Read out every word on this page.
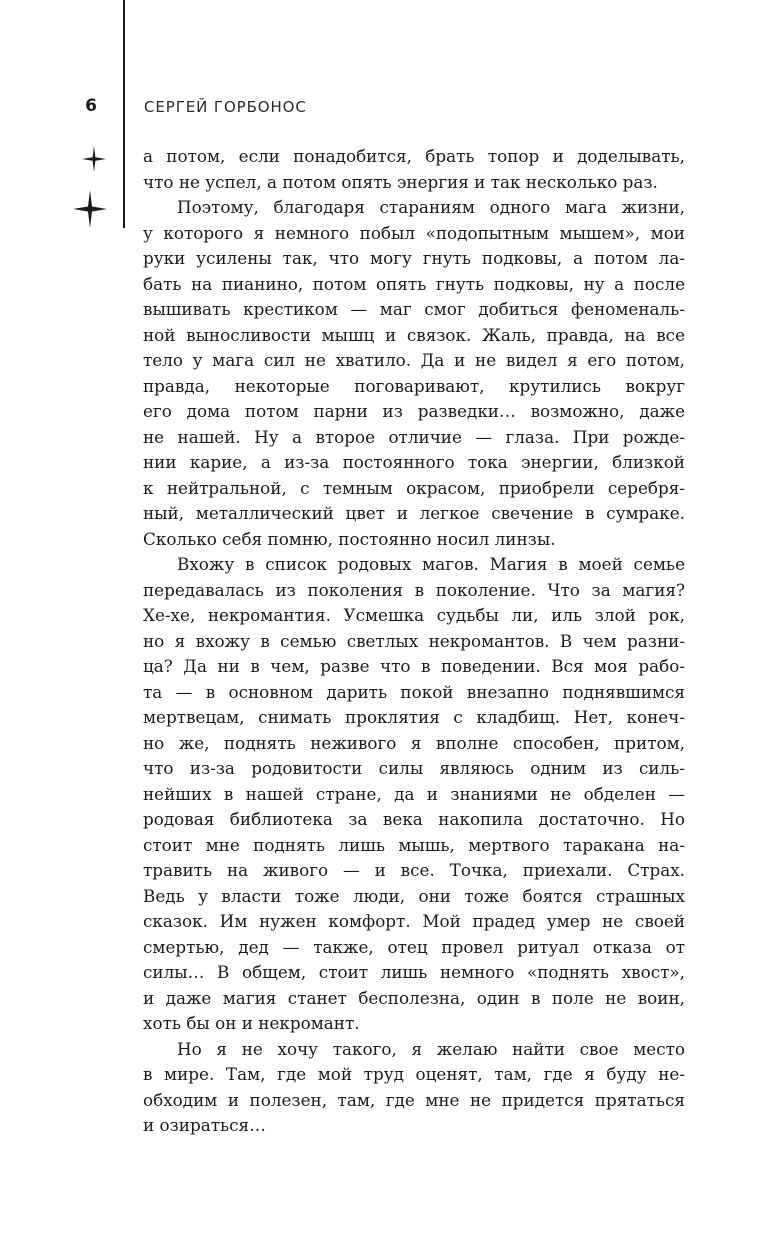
6	СЕРГЕЙ ГОРБОНОС
а потом, если понадобится, брать топор и доделывать,
что не успел, а потом опять энергия и так несколько раз.
Поэтому, благодаря стараниям одного мага жизни,
у которого я немного побыл «подопытным мышем», мои
руки усилены так, что могу гнуть подковы, а потом ла-
бать на пианино, потом опять гнуть подковы, ну а после
вышивать крестиком — маг смог добиться феноменаль-
ной выносливости мышц и связок. Жаль, правда, на все
тело у мага сил не хватило. Да и не видел я его потом,
правда, некоторые поговаривают, крутились вокруг
его дома потом парни из разведки… возможно, даже
не нашей. Ну а второе отличие — глаза. При рожде-
нии карие, а из-за постоянного тока энергии, близкой
к нейтральной, с темным окрасом, приобрели серебря-
ный, металлический цвет и легкое свечение в сумраке.
Сколько себя помню, постоянно носил линзы.
Вхожу в список родовых магов. Магия в моей семье
передавалась из поколения в поколение. Что за магия?
Хе-хе, некромантия. Усмешка судьбы ли, иль злой рок,
но я вхожу в семью светлых некромантов. В чем разни-
ца? Да ни в чем, разве что в поведении. Вся моя рабо-
та — в основном дарить покой внезапно поднявшимся
мертвецам, снимать проклятия с кладбищ. Нет, конеч-
но же, поднять неживого я вполне способен, притом,
что из-за родовитости силы являюсь одним из силь-
нейших в нашей стране, да и знаниями не обделен —
родовая библиотека за века накопила достаточно. Но
стоит мне поднять лишь мышь, мертвого таракана на-
травить на живого — и все. Точка, приехали. Страх.
Ведь у власти тоже люди, они тоже боятся страшных
сказок. Им нужен комфорт. Мой прадед умер не своей
смертью, дед — также, отец провел ритуал отказа от
силы… В общем, стоит лишь немного «поднять хвост»,
и даже магия станет бесполезна, один в поле не воин,
хоть бы он и некромант.
Но я не хочу такого, я желаю найти свое место
в мире. Там, где мой труд оценят, там, где я буду не-
обходим и полезен, там, где мне не придется прятаться
и озираться…
